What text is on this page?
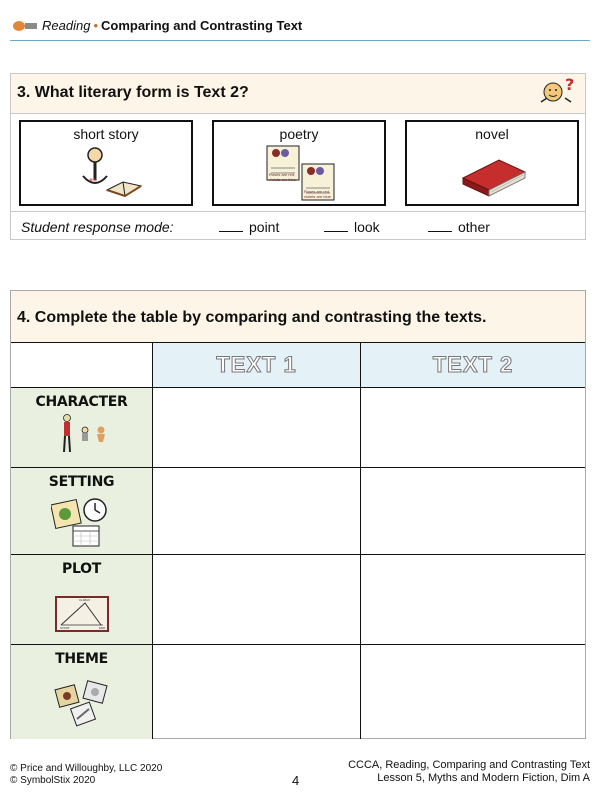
Reading • Comparing and Contrasting Text
3. What literary form is Text 2?	?
short story
**
poetry
Roses are red, violets are blue
Roses are red, violets are blue
novel
Student response mode:	point	look	other
4. Complete the table by comparing and contrasting the texts.
TEXT 1	TEXT 2
CHARACTER
SETTING
PLOT
CLIMAX
START	END
THEME
© Price and Willoughby, LLC 2020
© SymbolStix 2020	4
CCCA, Reading, Comparing and Contrasting Text
Lesson 5, Myths and Modern Fiction, Dim A
